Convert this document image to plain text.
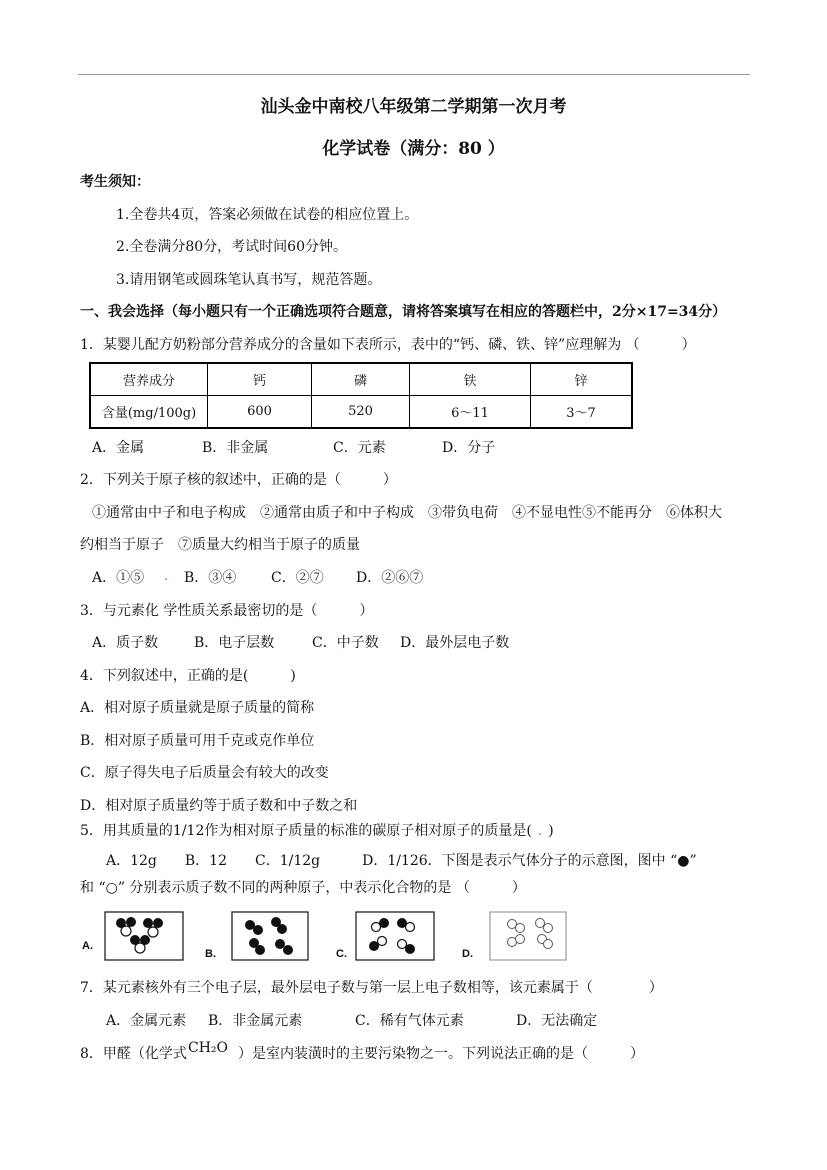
汕头金中南校八年级第二学期第一次月考
化学试卷（满分：80 ）
考生须知：
1.全卷共4页，答案必须做在试卷的相应位置上。
2.全卷满分80分，考试时间60分钟。
3.请用钢笔或圆珠笔认真书写，规范答题。
一、我会选择（每小题只有一个正确选项符合题意，请将答案填写在相应的答题栏中，2分×17=34分）
1．某婴儿配方奶粉部分营养成分的含量如下表所示，表中的“钙、磷、铁、锌”应理解为 （　　　）
营养成分	钙	磷	铁	锌
含量(mg/100g)	600	520	6～11	3～7
A．金属	B．非金属	C．元素	D．分子
2．下列关于原子核的叙述中，正确的是（　　　）
①通常由中子和电子构成　②通常由质子和中子构成　③带负电荷　④不显电性⑤不能再分　⑥体积大
约相当于原子　⑦质量大约相当于原子的质量
A．①⑤ . B．③④ C．②⑦ D．②⑥⑦
3．与元素化 学性质关系最密切的是（　　　）
A．质子数	B．电子层数	C．中子数 D．最外层电子数
4．下列叙述中，正确的是(　　　)
A．相对原子质量就是原子质量的简称
B．相对原子质量可用千克或克作单位
C．原子得失电子后质量会有较大的改变
D．相对原子质量约等于质子数和中子数之和
5．用其质量的1/12作为相对原子质量的标准的碳原子相对原子的质量是( . )
A．12g　　B．12　　C．1/12g　　　D．1/126．下图是表示气体分子的示意图，图中 “●”
和 “○” 分别表示质子数不同的两种原子，中表示化合物的是 （　　　）
A.
B.	C.	D.
7．某元素核外有三个电子层，最外层电子数与第一层上电子数相等，该元素属于（　　　　）
A．金属元素 B．非金属元素	C．稀有气体元素	D．无法确定
8．甲醛（化学式 CH₂O ）是室内装潢时的主要污染物之一。下列说法正确的是（　　　）
